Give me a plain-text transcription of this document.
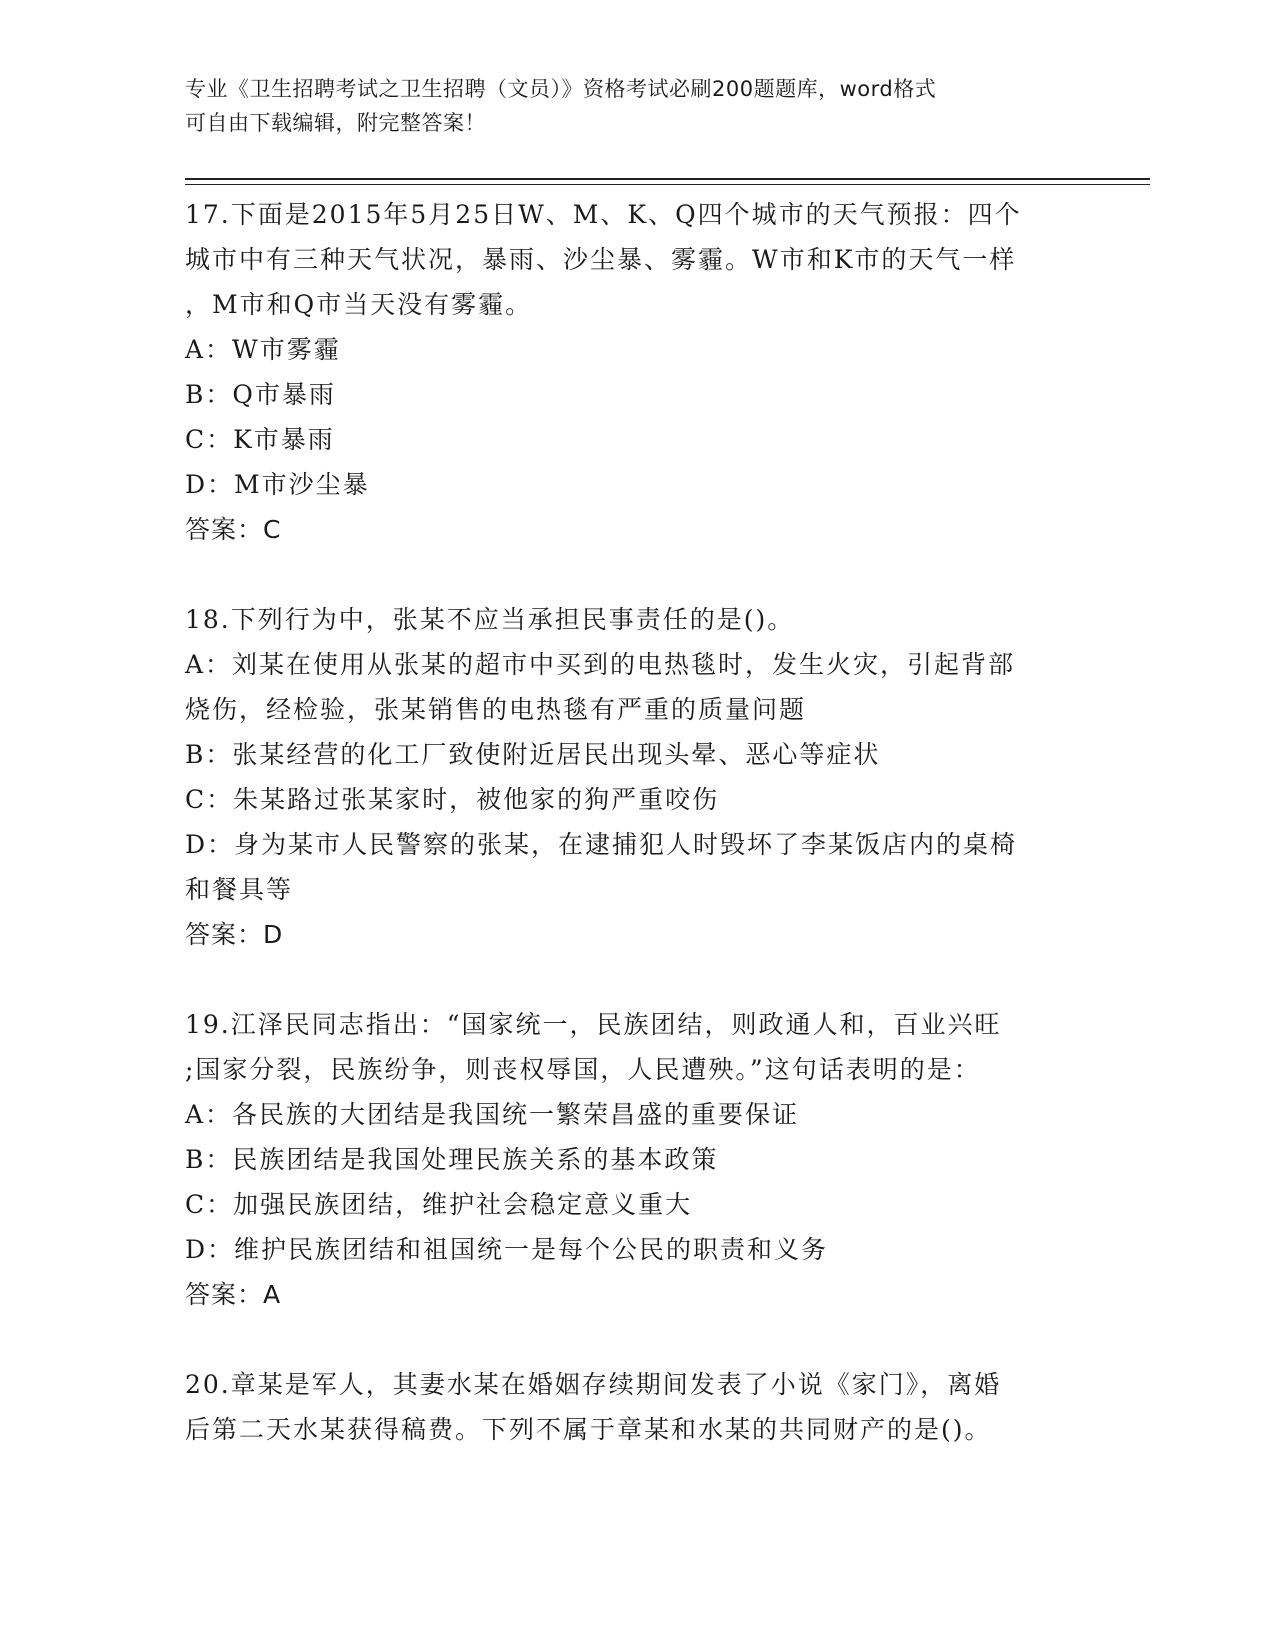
专业《卫生招聘考试之卫生招聘（文员）》资格考试必刷200题题库，word格式
可自由下载编辑，附完整答案！
17.下面是2015年5月25日W、M、K、Q四个城市的天气预报：四个
城市中有三种天气状况，暴雨、沙尘暴、雾霾。W市和K市的天气一样
，M市和Q市当天没有雾霾。
A：W市雾霾
B：Q市暴雨
C：K市暴雨
D：M市沙尘暴
答案：C
18.下列行为中，张某不应当承担民事责任的是()。
A：刘某在使用从张某的超市中买到的电热毯时，发生火灾，引起背部
烧伤，经检验，张某销售的电热毯有严重的质量问题
B：张某经营的化工厂致使附近居民出现头晕、恶心等症状
C：朱某路过张某家时，被他家的狗严重咬伤
D：身为某市人民警察的张某，在逮捕犯人时毁坏了李某饭店内的桌椅
和餐具等
答案：D
19.江泽民同志指出：“国家统一，民族团结，则政通人和，百业兴旺
;国家分裂，民族纷争，则丧权辱国，人民遭殃。”这句话表明的是：
A：各民族的大团结是我国统一繁荣昌盛的重要保证
B：民族团结是我国处理民族关系的基本政策
C：加强民族团结，维护社会稳定意义重大
D：维护民族团结和祖国统一是每个公民的职责和义务
答案：A
20.章某是军人，其妻水某在婚姻存续期间发表了小说《家门》，离婚
后第二天水某获得稿费。下列不属于章某和水某的共同财产的是()。
